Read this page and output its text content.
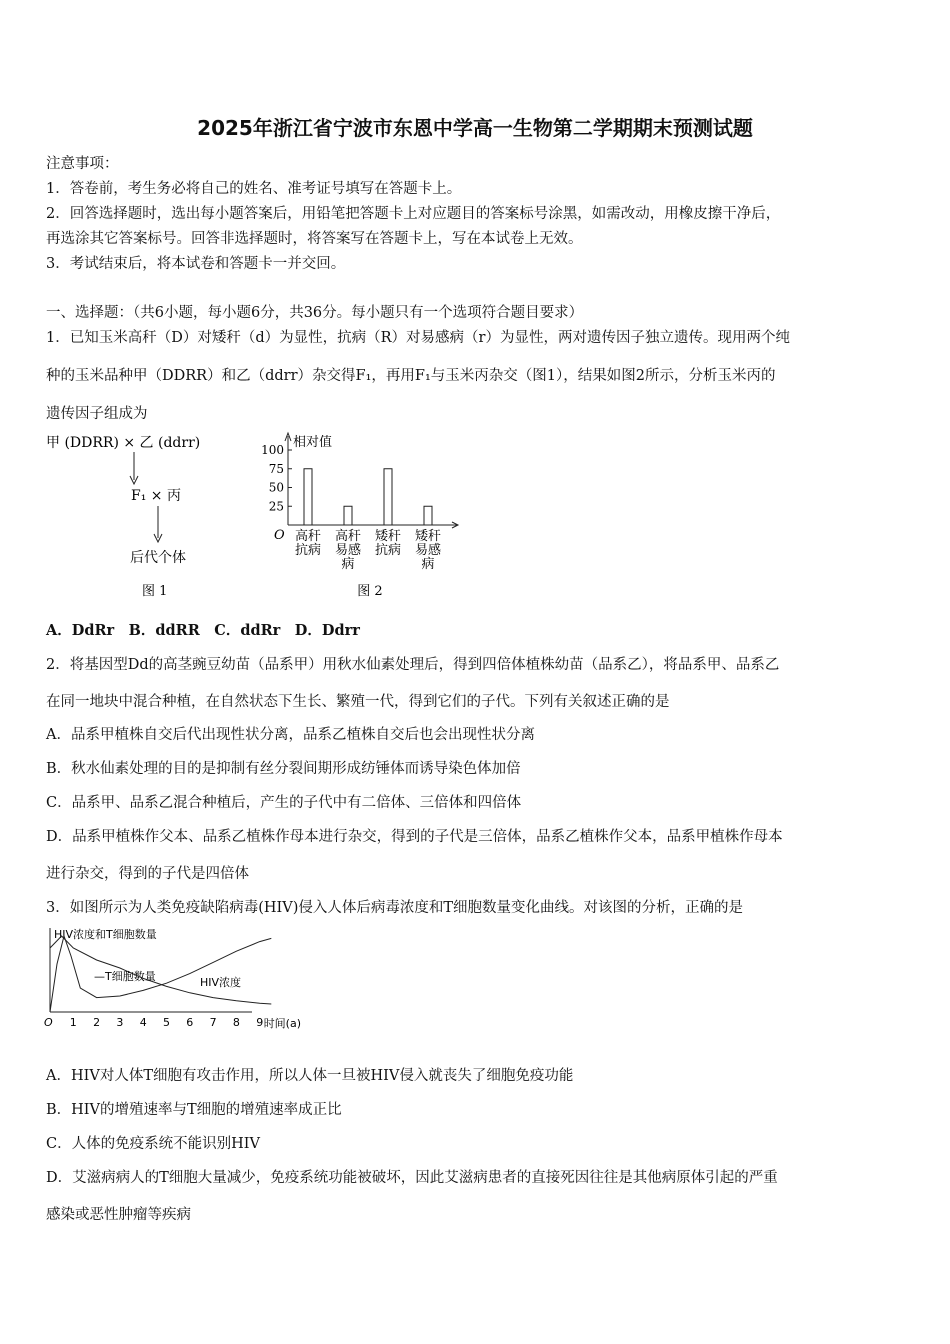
2025年浙江省宁波市东恩中学高一生物第二学期期末预测试题
注意事项：
1．答卷前，考生务必将自己的姓名、准考证号填写在答题卡上。
2．回答选择题时，选出每小题答案后，用铅笔把答题卡上对应题目的答案标号涂黑，如需改动，用橡皮擦干净后，
再选涂其它答案标号。回答非选择题时，将答案写在答题卡上，写在本试卷上无效。
3．考试结束后，将本试卷和答题卡一并交回。
一、选择题：（共6小题，每小题6分，共36分。每小题只有一个选项符合题目要求）
1．已知玉米高秆（D）对矮秆（d）为显性，抗病（R）对易感病（r）为显性，两对遗传因子独立遗传。现用两个纯
种的玉米品种甲（DDRR）和乙（ddrr）杂交得F₁，再用F₁与玉米丙杂交（图1），结果如图2所示，分析玉米丙的
遗传因子组成为
甲 (DDRR) × 乙 (ddrr)
F₁ × 丙
后代个体
图 1
相对值
O
100
75
50
25
高秆
抗病
高秆
易感
病
矮秆
抗病
矮秆
易感
病
图 2
A．DdRr　B．ddRR　C．ddRr　D．Ddrr
2．将基因型Dd的高茎豌豆幼苗（品系甲）用秋水仙素处理后，得到四倍体植株幼苗（品系乙），将品系甲、品系乙
在同一地块中混合种植，在自然状态下生长、繁殖一代，得到它们的子代。下列有关叙述正确的是
A．品系甲植株自交后代出现性状分离，品系乙植株自交后也会出现性状分离
B．秋水仙素处理的目的是抑制有丝分裂间期形成纺锤体而诱导染色体加倍
C．品系甲、品系乙混合种植后，产生的子代中有二倍体、三倍体和四倍体
D．品系甲植株作父本、品系乙植株作母本进行杂交，得到的子代是三倍体，品系乙植株作父本，品系甲植株作母本
进行杂交，得到的子代是四倍体
3．如图所示为人类免疫缺陷病毒(HIV)侵入人体后病毒浓度和T细胞数量变化曲线。对该图的分析，正确的是
HIV浓度和T细胞数量
O 1 2 3 4 5 6 7 8 9 时间(a)
—T细胞数量	HIV浓度
A．HIV对人体T细胞有攻击作用，所以人体一旦被HIV侵入就丧失了细胞免疫功能
B．HIV的增殖速率与T细胞的增殖速率成正比
C．人体的免疫系统不能识别HIV
D．艾滋病病人的T细胞大量减少，免疫系统功能被破坏，因此艾滋病患者的直接死因往往是其他病原体引起的严重
感染或恶性肿瘤等疾病
